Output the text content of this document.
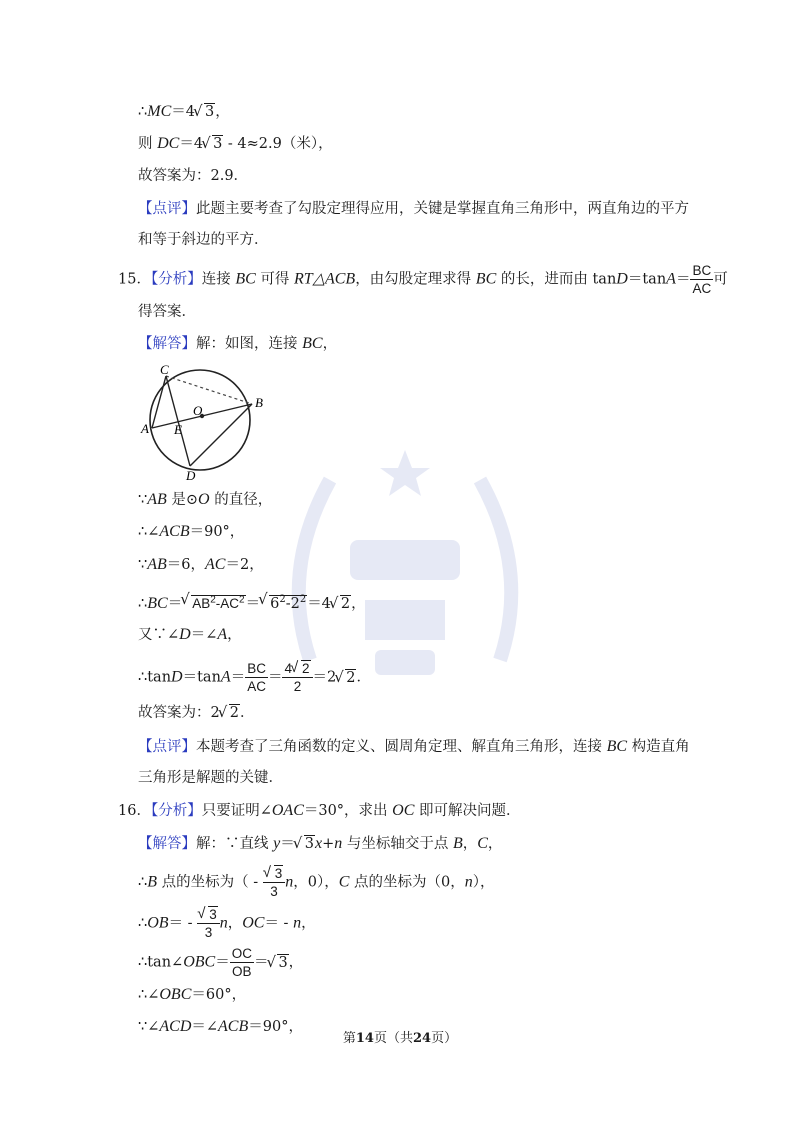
∴MC＝4√ 3，
则 DC＝4√ 3 - 4≈2.9（米），
故答案为：2.9．
【点评】此题主要考查了勾股定理得应用，关键是掌握直角三角形中，两直角边的平方
和等于斜边的平方．
15．【分析】连接 BC 可得 RT△ACB，由勾股定理求得 BC 的长，进而由 $\tan D=\tan A= \frac{BC}{AC}$ 可
得答案．
【解答】解：如图，连接 BC，
C
B
O
A E
D
∵AB 是⊙O 的直径，
∴∠ACB＝90°，
∵AB＝6，AC＝2，
∴BC＝√ $AB^2-AC^2=√$ $6^2-2^2=4√$ 2，
又∵∠D＝∠A，
∴tanD＝tanA＝ $\frac{BC}{AC} = \frac{4√ 2}{2} =2√$ 2．
故答案为：2√ 2．
【点评】本题考查了三角函数的定义、圆周角定理、解直角三角形，连接 BC 构造直角
三角形是解题的关键．
16．【分析】只要证明∠OAC＝30°，求出 OC 即可解决问题．
【解答】解：∵直线 y＝√ 3x+n 与坐标轴交于点 B，C，
∴B 点的坐标为（ -
√ $\frac{3}{3}$ n，0），C 点的坐标为（0，n），
∴OB＝ -
√ $\frac{3}{3}$ n，OC＝ - n，
∴tan∠OBC＝ $\frac{OC}{OB}$ ＝√ 3，
∴∠OBC＝60°，
∵∠ACD＝∠ACB＝90°，
第14页（共24页）
